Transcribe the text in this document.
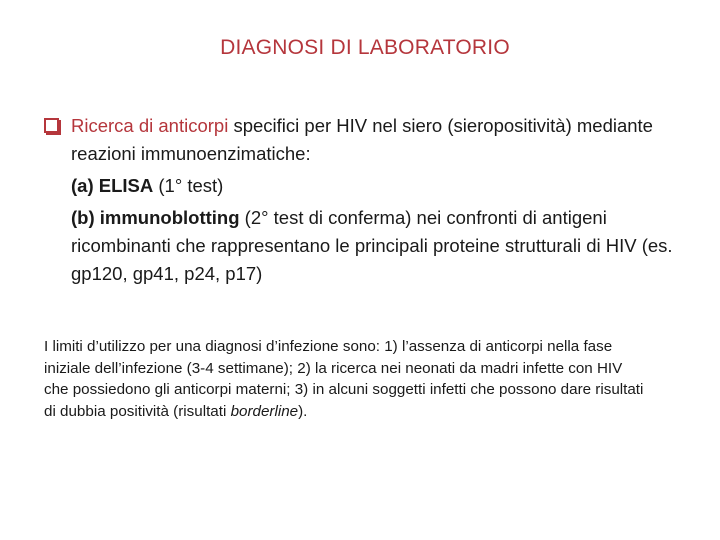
DIAGNOSI DI LABORATORIO
Ricerca di anticorpi specifici per HIV nel siero (sieropositività) mediante reazioni immunoenzimatiche:
(a) ELISA (1° test)
(b) immunoblotting (2° test di conferma) nei confronti di antigeni ricombinanti che rappresentano le principali proteine strutturali di HIV (es. gp120, gp41, p24, p17)
I limiti d’utilizzo per una diagnosi d’infezione sono: 1) l’assenza di anticorpi nella fase iniziale dell’infezione (3-4 settimane); 2) la ricerca nei neonati da madri infette con HIV che possiedono gli anticorpi materni; 3) in alcuni soggetti infetti che possono dare risultati di dubbia positività (risultati borderline).
